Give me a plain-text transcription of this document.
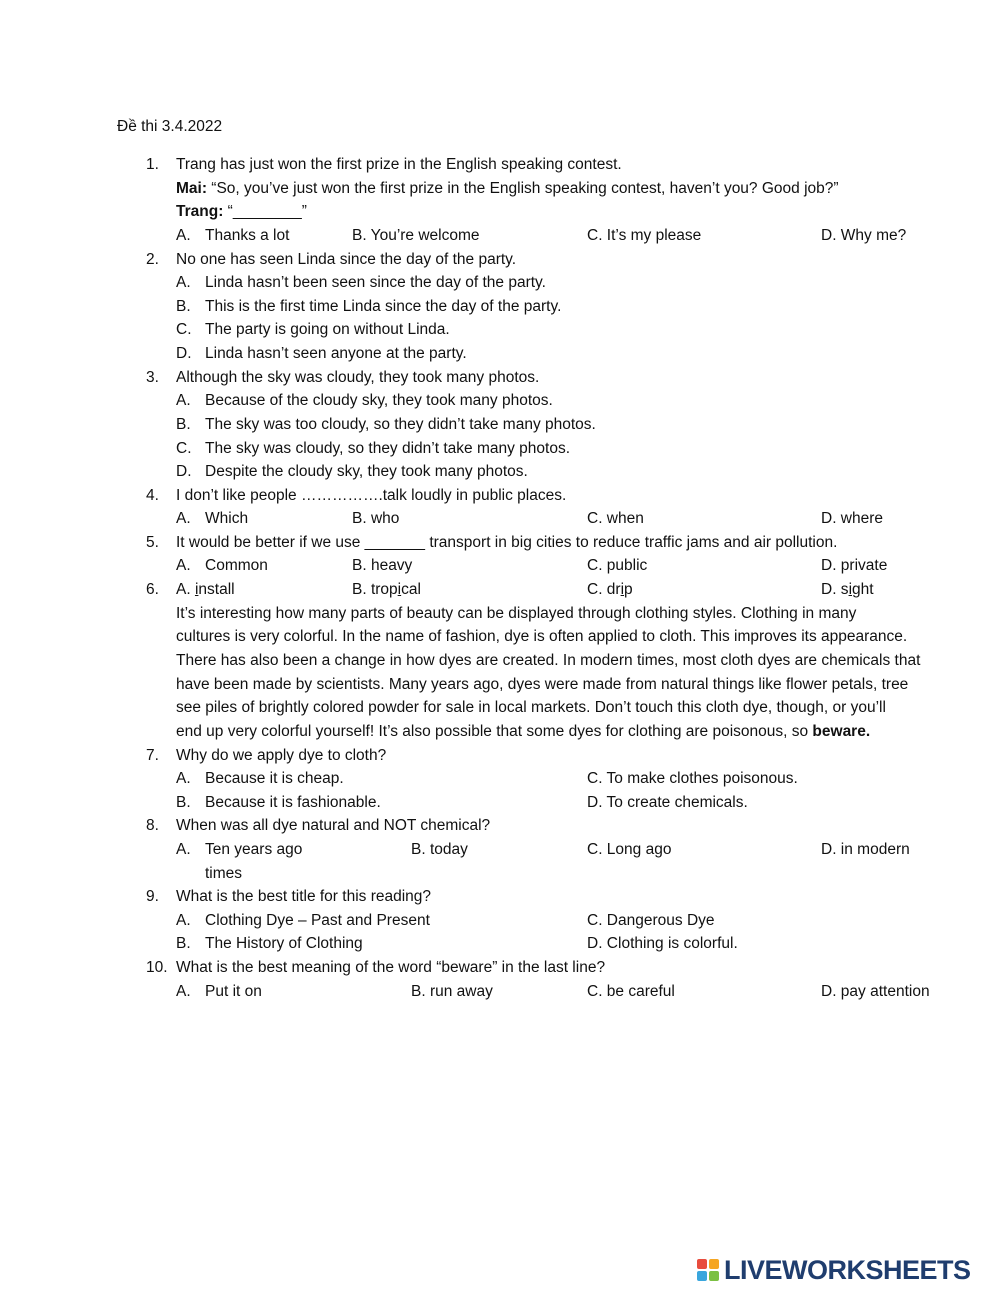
Đề thi 3.4.2022
1. Trang has just won the first prize in the English speaking contest.
Mai: “So, you’ve just won the first prize in the English speaking contest, haven’t you? Good job?”
Trang: “________”
A. Thanks a lot	B. You’re welcome	C. It’s my please	D. Why me?
2. No one has seen Linda since the day of the party.
A. Linda hasn’t been seen since the day of the party.
B. This is the first time Linda since the day of the party.
C. The party is going on without Linda.
D. Linda hasn’t seen anyone at the party.
3. Although the sky was cloudy, they took many photos.
A. Because of the cloudy sky, they took many photos.
B. The sky was too cloudy, so they didn’t take many photos.
C. The sky was cloudy, so they didn’t take many photos.
D. Despite the cloudy sky, they took many photos.
4. I don’t like people …………….talk loudly in public places.
A. Which	B. who	C. when	D. where
5. It would be better if we use _______ transport in big cities to reduce traffic jams and air pollution.
A. Common	B. heavy	C. public	D. private
6. A. install	B. tropical	C. drip	D. sight
It’s interesting how many parts of beauty can be displayed through clothing styles. Clothing in many
cultures is very colorful. In the name of fashion, dye is often applied to cloth. This improves its appearance.
There has also been a change in how dyes are created. In modern times, most cloth dyes are chemicals that
have been made by scientists. Many years ago, dyes were made from natural things like flower petals, tree
see piles of brightly colored powder for sale in local markets. Don’t touch this cloth dye, though, or you’ll
end up very colorful yourself! It’s also possible that some dyes for clothing are poisonous, so beware.
7. Why do we apply dye to cloth?
A. Because it is cheap.	C. To make clothes poisonous.
B. Because it is fashionable.	D. To create chemicals.
8. When was all dye natural and NOT chemical?
A. Ten years ago	B. today	C. Long ago	D. in modern
times
9. What is the best title for this reading?
A. Clothing Dye – Past and Present	C. Dangerous Dye
B. The History of Clothing	D. Clothing is colorful.
10. What is the best meaning of the word “beware” in the last line?
A. Put it on	B. run away	C. be careful	D. pay attention
LIVEWORKSHEETS
